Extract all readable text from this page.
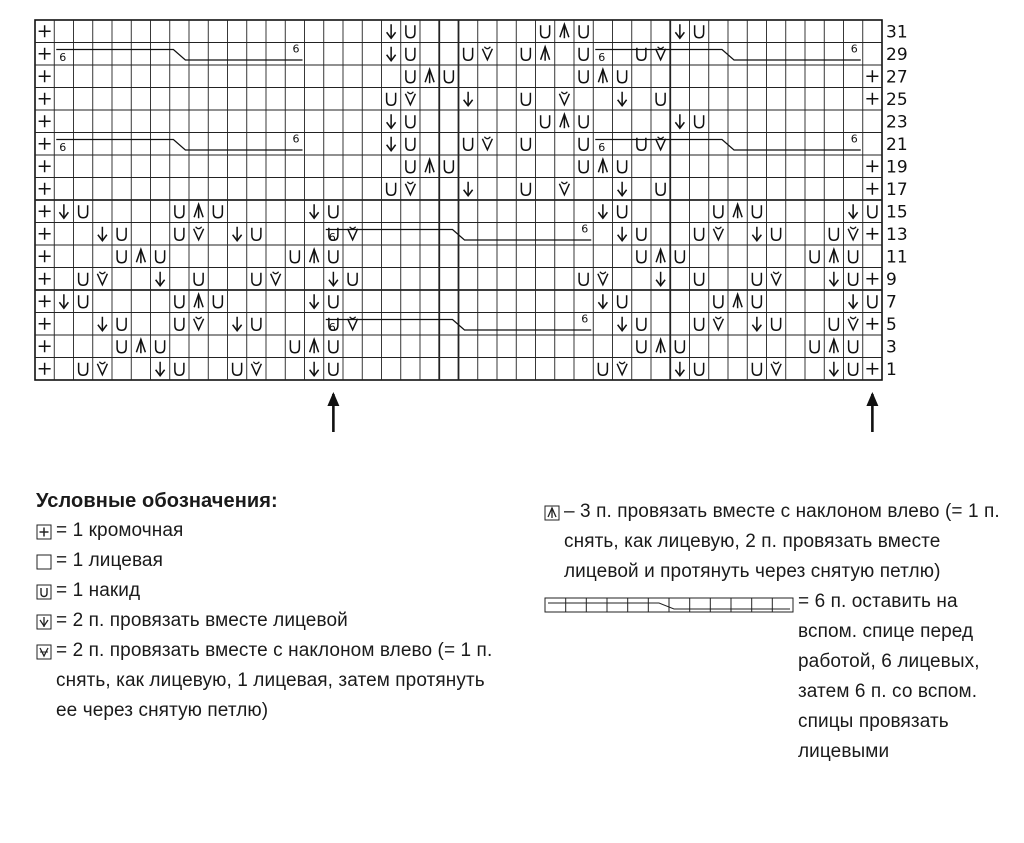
6
6
6
6
6
6
6
6
6
6
6
6
31
29
27
25
23
21
19
17
15
13
11
9
7
5
3
1
Условные обозначения:
= 1 кромочная
= 1 лицевая
= 1 накид
= 2 п. провязать вместе лицевой
= 2 п. провязать вместе с наклоном влево (= 1 п. снять, как лицевую, 1 лицевая, затем протянуть ее через снятую петлю)
– 3 п. провязать вместе с наклоном влево (= 1 п. снять, как лицевую, 2 п. провязать вместе лицевой и протянуть через снятую петлю)
= 6 п. оставить на вспом. спице перед работой, 6 лицевых, затем 6 п. со вспом. спицы провязать лицевыми
